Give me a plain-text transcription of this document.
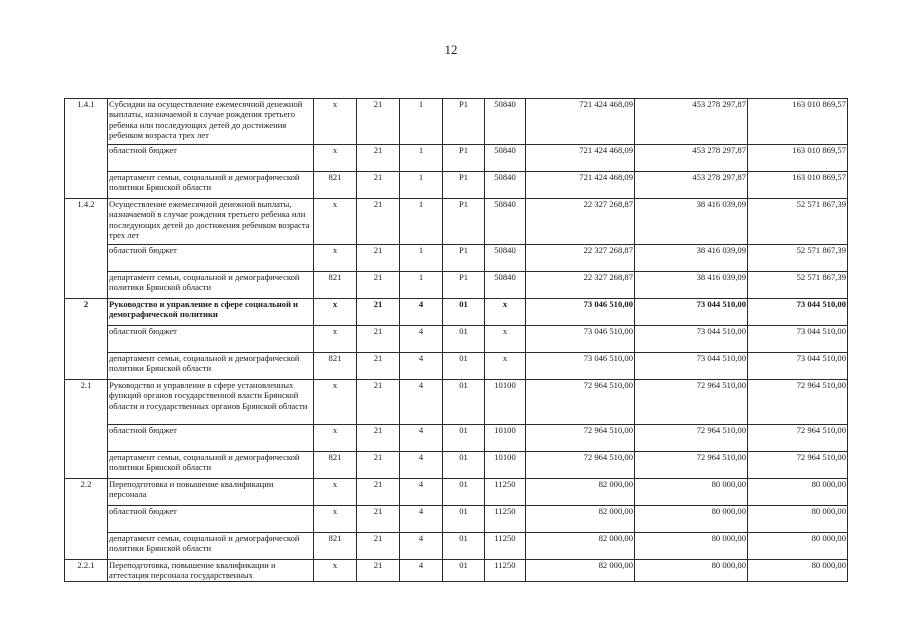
12
1.4.1	Субсидии на осуществление ежемесячной денежной выплаты, назначаемой в случае рождения третьего ребенка или последующих детей до достижения ребенком возраста трех лет	x	21	1	P1	50840	721 424 468,09	453 278 297,87	163 010 869,57
	областной бюджет	x	21	1	P1	50840	721 424 468,09	453 278 297,87	163 010 869,57
	департамент семьи, социальной и демографической политики Брянской области	821	21	1	P1	50840	721 424 468,09	453 278 297,87	163 010 869,57
1.4.2	Осуществление ежемесячной денежной выплаты, назначаемой в случае рождения третьего ребенка или последующих детей до достижения ребенком возраста трех лет	x	21	1	P1	50840	22 327 268,87	38 416 039,09	52 571 867,39
	областной бюджет	x	21	1	P1	50840	22 327 268,87	38 416 039,09	52 571 867,39
	департамент семьи, социальной и демографической политики Брянской области	821	21	1	P1	50840	22 327 268,87	38 416 039,09	52 571 867,39
2	Руководство и управление в сфере социальной и демографической политики	x	21	4	01	x	73 046 510,00	73 044 510,00	73 044 510,00
	областной бюджет	x	21	4	01	x	73 046 510,00	73 044 510,00	73 044 510,00
	департамент семьи, социальной и демографической политики Брянской области	821	21	4	01	x	73 046 510,00	73 044 510,00	73 044 510,00
2.1	Руководство и управление в сфере установленных функций органов государственной власти Брянской области и государственных органов Брянской области	x	21	4	01	10100	72 964 510,00	72 964 510,00	72 964 510,00
	областной бюджет	x	21	4	01	10100	72 964 510,00	72 964 510,00	72 964 510,00
	департамент семьи, социальной и демографической политики Брянской области	821	21	4	01	10100	72 964 510,00	72 964 510,00	72 964 510,00
2.2	Переподготовка и повышение квалификации персонала	x	21	4	01	11250	82 000,00	80 000,00	80 000,00
	областной бюджет	x	21	4	01	11250	82 000,00	80 000,00	80 000,00
	департамент семьи, социальной и демографической политики Брянской области	821	21	4	01	11250	82 000,00	80 000,00	80 000,00
2.2.1	Переподготовка, повышение квалификации и аттестация персонала государственных	x	21	4	01	11250	82 000,00	80 000,00	80 000,00
